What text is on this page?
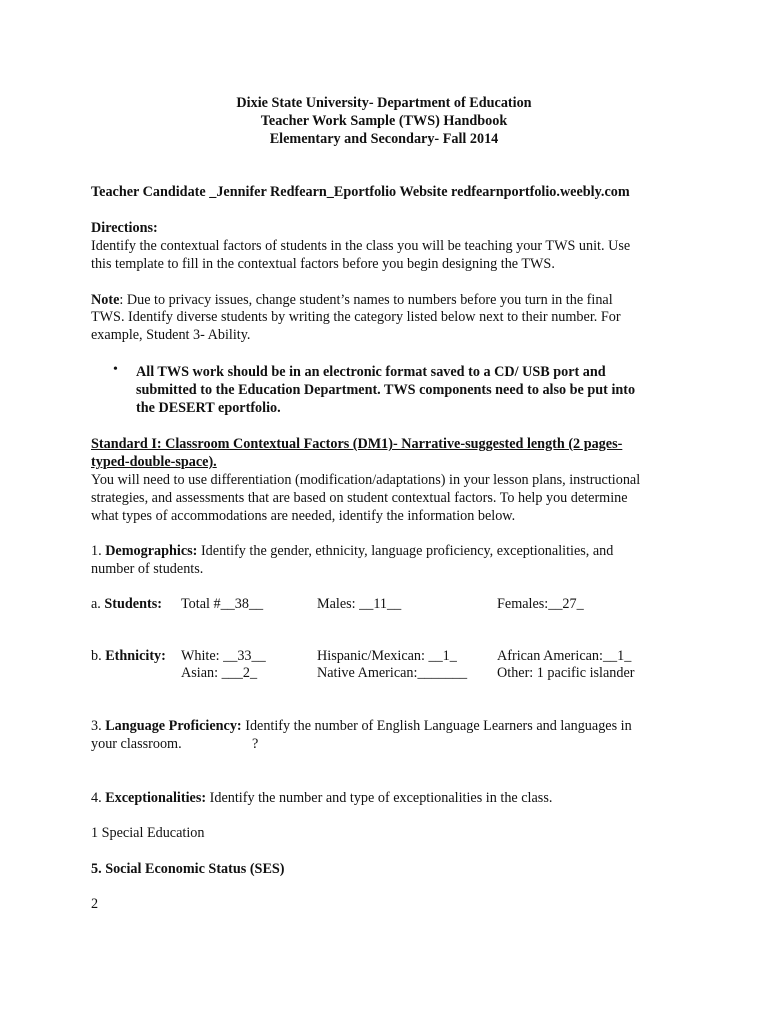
Dixie State University- Department of Education
Teacher Work Sample (TWS) Handbook
Elementary and Secondary- Fall 2014
Teacher Candidate _Jennifer Redfearn_Eportfolio Website redfearnportfolio.weebly.com
Directions:
Identify the contextual factors of students in the class you will be teaching your TWS unit. Use
this template to fill in the contextual factors before you begin designing the TWS.
Note: Due to privacy issues, change student’s names to numbers before you turn in the final
TWS. Identify diverse students by writing the category listed below next to their number. For
example, Student 3- Ability.
• All TWS work should be in an electronic format saved to a CD/ USB port and
submitted to the Education Department. TWS components need to also be put into
the DESERT eportfolio.
Standard I: Classroom Contextual Factors (DM1)- Narrative-suggested length (2 pages-
typed-double-space).
You will need to use differentiation (modification/adaptations) in your lesson plans, instructional
strategies, and assessments that are based on student contextual factors. To help you determine
what types of accommodations are needed, identify the information below.
1. Demographics: Identify the gender, ethnicity, language proficiency, exceptionalities, and
number of students.
a. Students: Total #__38__	Males: __11__	Females:__27_
b. Ethnicity: White: __33__	Hispanic/Mexican: __1_	African American:__1_
Asian: ___2_	Native American:_______ Other: 1 pacific islander
3. Language Proficiency: Identify the number of English Language Learners and languages in
your classroom.	?
4. Exceptionalities: Identify the number and type of exceptionalities in the class.
1 Special Education
5. Social Economic Status (SES)
2
